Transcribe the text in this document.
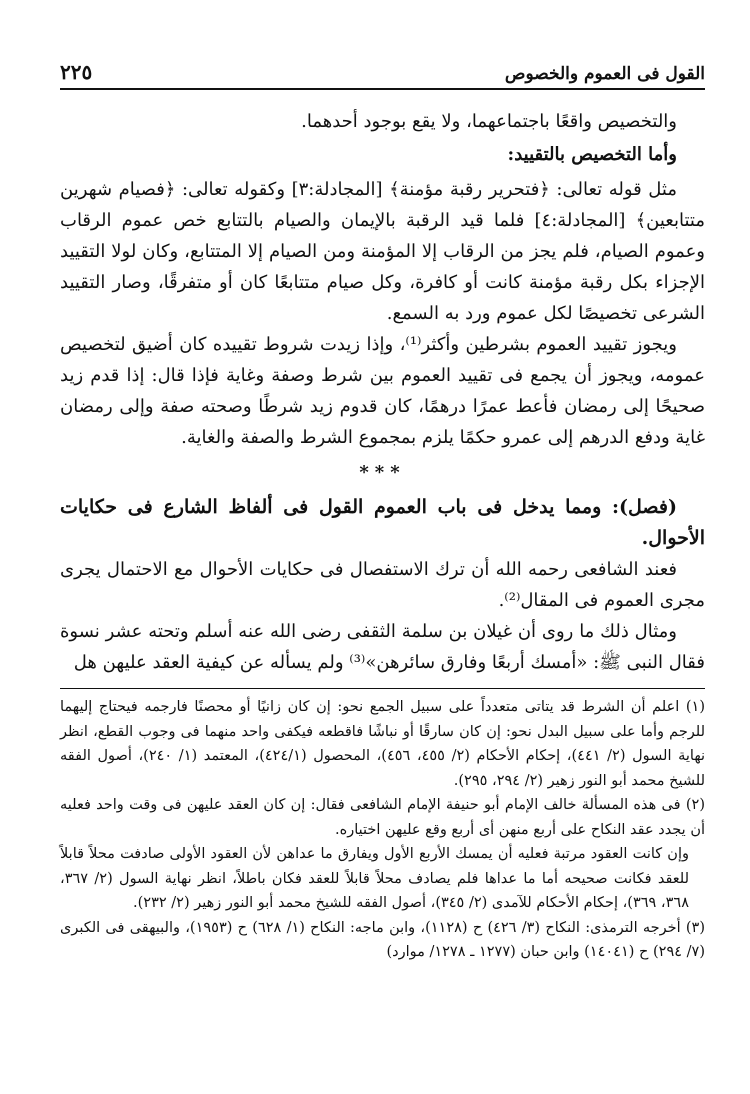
القول فى العموم والخصوص
٢٢٥

والتخصيص واقعًا باجتماعهما، ولا يقع بوجود أحدهما.

وأما التخصيص بالتقييد:

مثل قوله تعالى: ﴿فتحرير رقبة مؤمنة﴾ [المجادلة:٣] وكقوله تعالى: ﴿فصيام شهرين متتابعين﴾ [المجادلة:٤] فلما قيد الرقبة بالإيمان والصيام بالتتابع خص عموم الرقاب وعموم الصيام، فلم يجز من الرقاب إلا المؤمنة ومن الصيام إلا المتتابع، وكان لولا التقييد الإجزاء بكل رقبة مؤمنة كانت أو كافرة، وكل صيام متتابعًا كان أو متفرقًا، وصار التقييد الشرعى تخصيصًا لكل عموم ورد به السمع.

ويجوز تقييد العموم بشرطين وأكثر⁽¹⁾، وإذا زيدت شروط تقييده كان أضيق لتخصيص عمومه، ويجوز أن يجمع فى تقييد العموم بين شرط وصفة وغاية فإذا قال: إذا قدم زيد صحيحًا إلى رمضان فأعط عمرًا درهمًا، كان قدوم زيد شرطًا وصحته صفة وإلى رمضان غاية ودفع الدرهم إلى عمرو حكمًا يلزم بمجموع الشرط والصفة والغاية.

***

(فصل): ومما يدخل فى باب العموم القول فى ألفاظ الشارع فى حكايات الأحوال.

فعند الشافعى رحمه الله أن ترك الاستفصال فى حكايات الأحوال مع الاحتمال يجرى مجرى العموم فى المقال⁽²⁾.

ومثال ذلك ما روى أن غيلان بن سلمة الثقفى رضى الله عنه أسلم وتحته عشر نسوة فقال النبى ﷺ: «أمسك أربعًا وفارق سائرهن»⁽³⁾ ولم يسأله عن كيفية العقد عليهن هل

(١) اعلم أن الشرط قد يتاتى متعدداً على سبيل الجمع نحو: إن كان زانيًا أو محصنًا فارجمه فيحتاج إليهما للرجم وأما على سبيل البدل نحو: إن كان سارقًا أو نباشًا فاقطعه فيكفى واحد منهما فى وجوب القطع، انظر نهاية السول (٢/ ٤٤١)، إحكام الأحكام (٢/ ٤٥٥، ٤٥٦)، المحصول (٤٢٤/١)، المعتمد (١/ ٢٤٠)، أصول الفقه للشيخ محمد أبو النور زهير (٢/ ٢٩٤، ٢٩٥).

(٢) فى هذه المسألة خالف الإمام أبو حنيفة الإمام الشافعى فقال: إن كان العقد عليهن فى وقت واحد فعليه أن يجدد عقد النكاح على أربع منهن أى أربع وقع عليهن اختياره.

وإن كانت العقود مرتبة فعليه أن يمسك الأربع الأول ويفارق ما عداهن لأن العقود الأولى صادفت محلاً قابلاً للعقد فكانت صحيحه أما ما عداها فلم يصادف محلاً قابلاً للعقد فكان باطلاً، انظر نهاية السول (٢/ ٣٦٧، ٣٦٨، ٣٦٩)، إحكام الأحكام للآمدى (٢/ ٣٤٥)، أصول الفقه للشيخ محمد أبو النور زهير (٢/ ٢٣٢).

(٣) أخرجه الترمذى: النكاح (٣/ ٤٢٦) ح (١١٢٨)، وابن ماجه: النكاح (١/ ٦٢٨) ح (١٩٥٣)، والبيهقى فى الكبرى (٧/ ٢٩٤) ح (١٤٠٤١) وابن حبان (١٢٧٧ ـ ١٢٧٨/ موارد)
